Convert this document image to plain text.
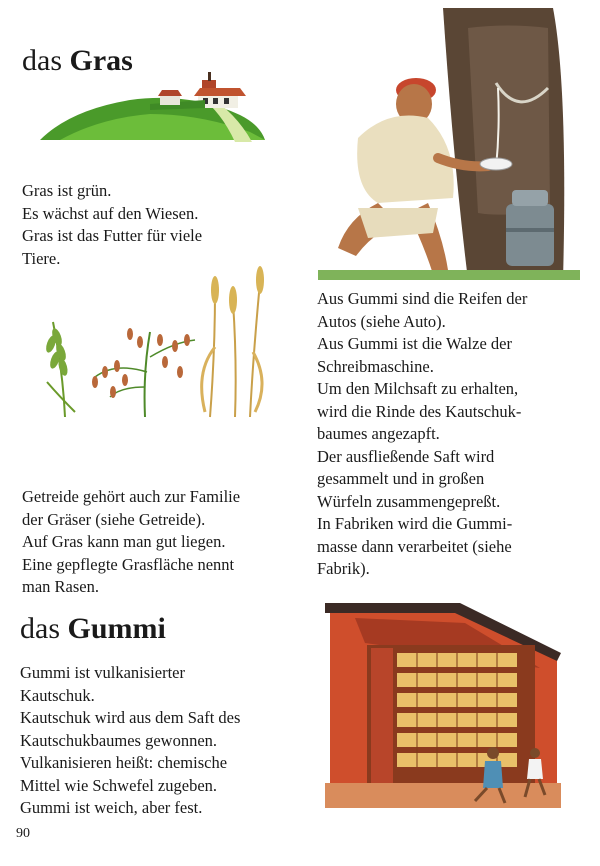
das Gras
Gras ist grün.
Es wächst auf den Wiesen.
Gras ist das Futter für viele
Tiere.
Getreide gehört auch zur Familie
der Gräser (siehe Getreide).
Auf Gras kann man gut liegen.
Eine gepflegte Grasfläche nennt
man Rasen.
das Gummi
Gummi ist vulkanisierter
Kautschuk.
Kautschuk wird aus dem Saft des
Kautschukbaumes gewonnen.
Vulkanisieren heißt: chemische
Mittel wie Schwefel zugeben.
Gummi ist weich, aber fest.
90
Aus Gummi sind die Reifen der
Autos (siehe Auto).
Aus Gummi ist die Walze der
Schreibmaschine.
Um den Milchsaft zu erhalten,
wird die Rinde des Kautschuk-
baumes angezapft.
Der ausfließende Saft wird
gesammelt und in großen
Würfeln zusammengepreßt.
In Fabriken wird die Gummi-
masse dann verarbeitet (siehe
Fabrik).
